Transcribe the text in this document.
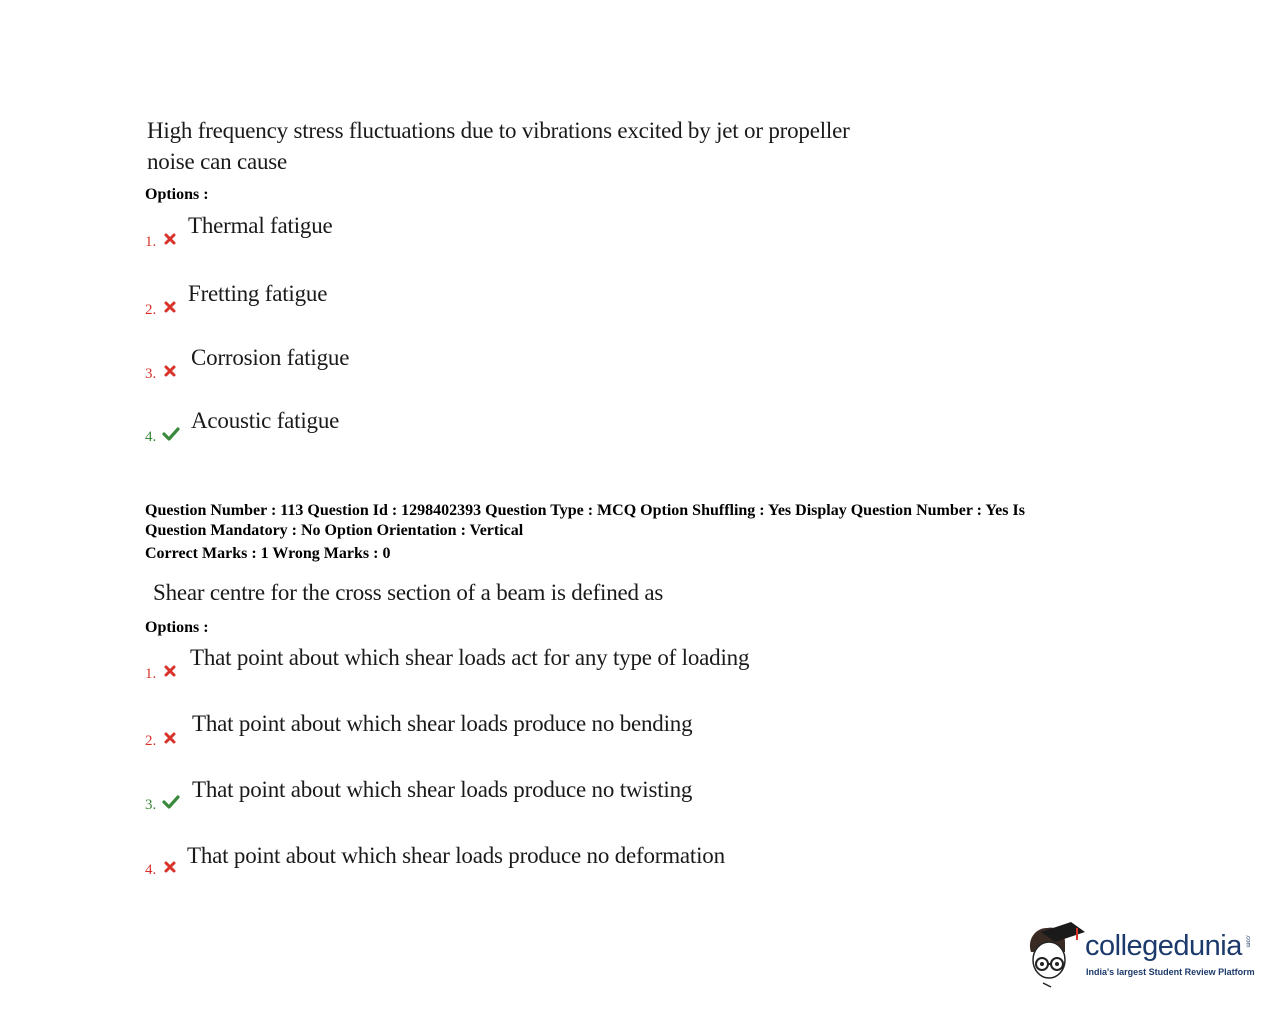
High frequency stress fluctuations due to vibrations excited by jet or propeller
noise can cause
Options :
1.
Thermal fatigue
2.
Fretting fatigue
3.
Corrosion fatigue
4.
Acoustic fatigue
Question Number : 113 Question Id : 1298402393 Question Type : MCQ Option Shuffling : Yes Display Question Number : Yes Is
Question Mandatory : No Option Orientation : Vertical
Correct Marks : 1 Wrong Marks : 0
Shear centre for the cross section of a beam is defined as
Options :
1.
That point about which shear loads act for any type of loading
2.
That point about which shear loads produce no bending
3.
That point about which shear loads produce no twisting
4.
That point about which shear loads produce no deformation
collegedunia .com
India's largest Student Review Platform
